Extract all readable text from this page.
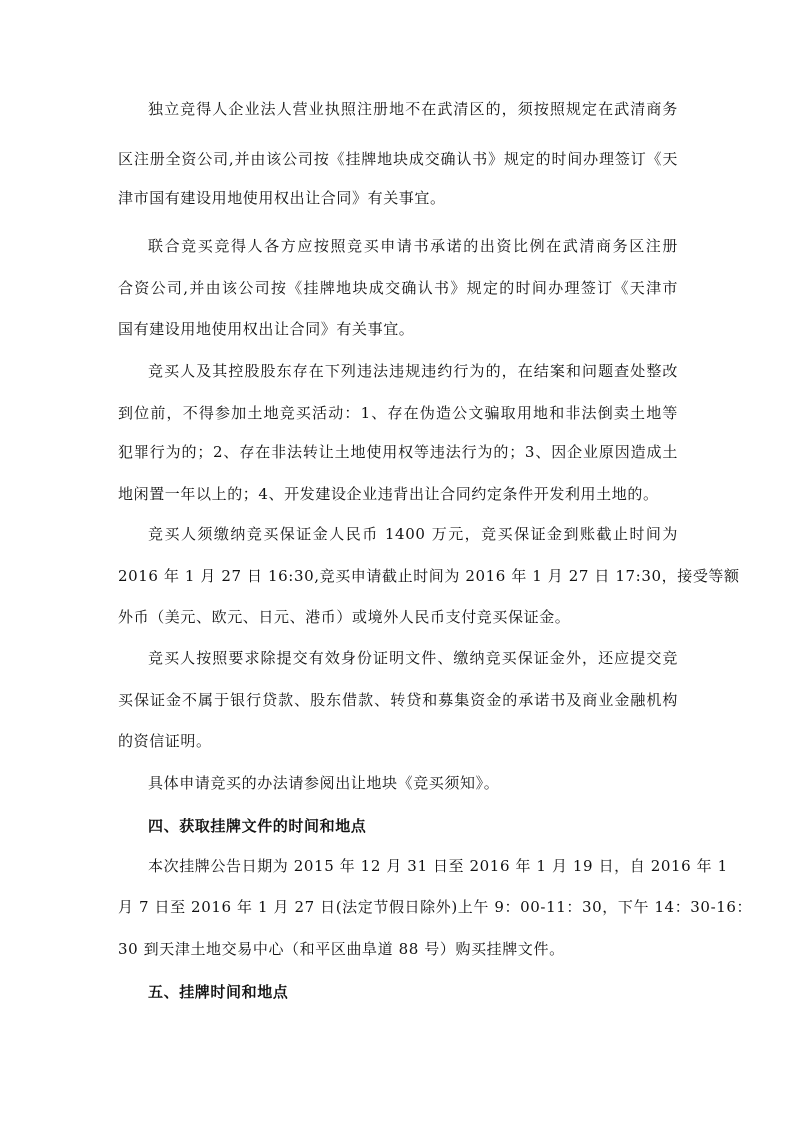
独立竞得人企业法人营业执照注册地不在武清区的，须按照规定在武清商务
区注册全资公司,并由该公司按《挂牌地块成交确认书》规定的时间办理签订《天
津市国有建设用地使用权出让合同》有关事宜。
联合竞买竞得人各方应按照竞买申请书承诺的出资比例在武清商务区注册
合资公司,并由该公司按《挂牌地块成交确认书》规定的时间办理签订《天津市
国有建设用地使用权出让合同》有关事宜。
竞买人及其控股股东存在下列违法违规违约行为的，在结案和问题查处整改
到位前，不得参加土地竞买活动：1、存在伪造公文骗取用地和非法倒卖土地等
犯罪行为的；2、存在非法转让土地使用权等违法行为的；3、因企业原因造成土
地闲置一年以上的；4、开发建设企业违背出让合同约定条件开发利用土地的。
竞买人须缴纳竞买保证金人民币 1400 万元，竞买保证金到账截止时间为
2016 年 1 月 27 日 16:30,竞买申请截止时间为 2016 年 1 月 27 日 17:30，接受等额
外币（美元、欧元、日元、港币）或境外人民币支付竞买保证金。
竞买人按照要求除提交有效身份证明文件、缴纳竞买保证金外，还应提交竞
买保证金不属于银行贷款、股东借款、转贷和募集资金的承诺书及商业金融机构
的资信证明。
具体申请竞买的办法请参阅出让地块《竞买须知》。
四、获取挂牌文件的时间和地点
本次挂牌公告日期为 2015 年 12 月 31 日至 2016 年 1 月 19 日，自 2016 年 1
月 7 日至 2016 年 1 月 27 日(法定节假日除外)上午 9：00-11：30，下午 14：30-16：
30 到天津土地交易中心（和平区曲阜道 88 号）购买挂牌文件。
五、挂牌时间和地点
